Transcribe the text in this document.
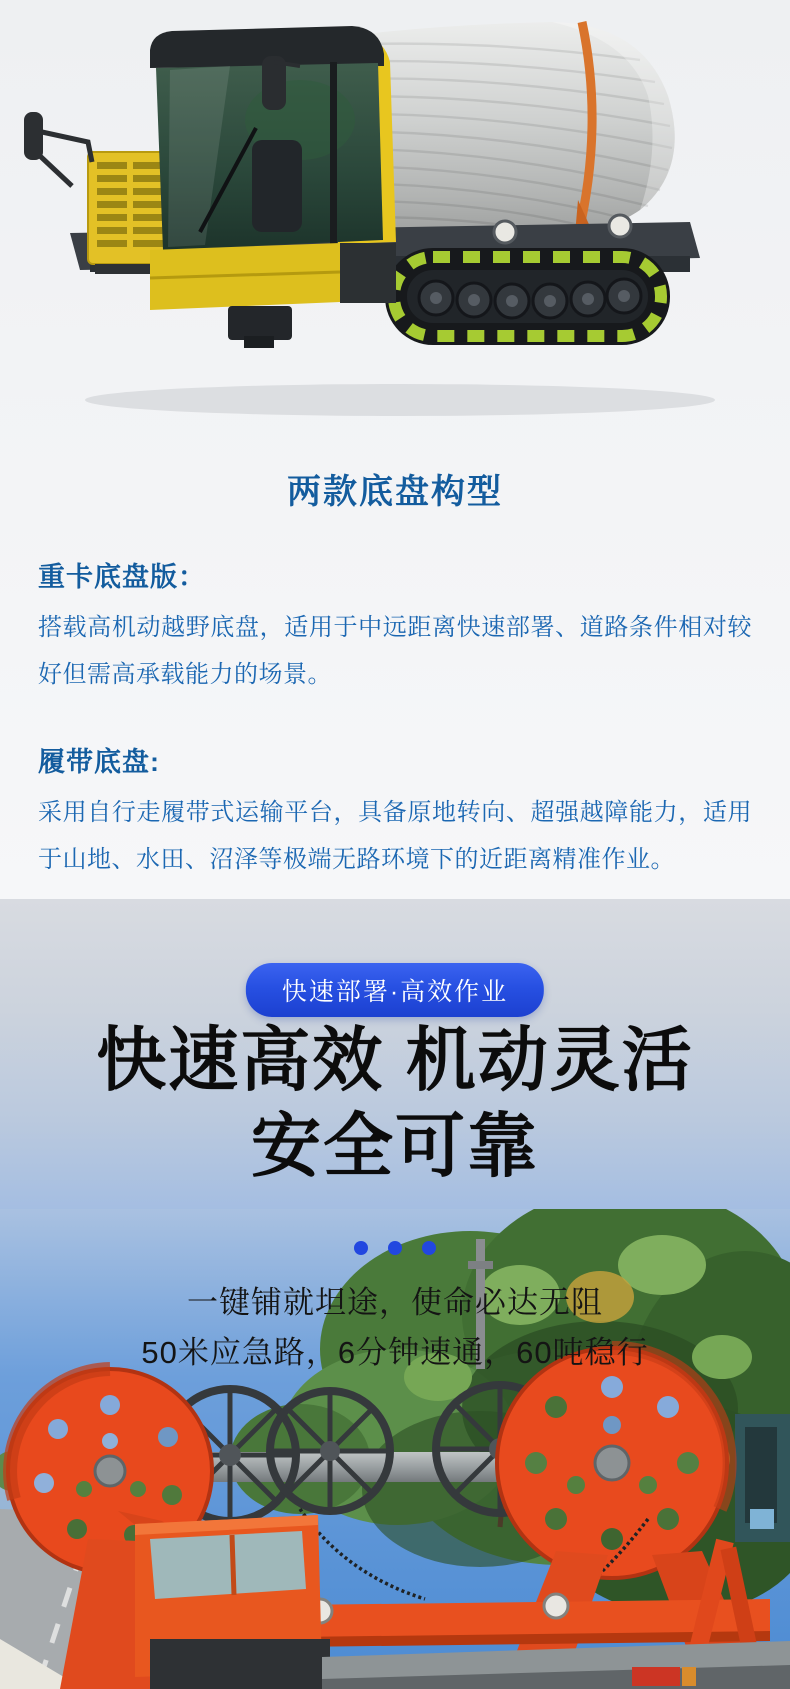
两款底盘构型

重卡底盘版：

搭载高机动越野底盘，适用于中远距离快速部署、道路条件相对较好但需高承载能力的场景。

履带底盘:

采用自行走履带式运输平台，具备原地转向、超强越障能力，适用于山地、水田、沼泽等极端无路环境下的近距离精准作业。

快速部署·高效作业
快速高效 机动灵活
安全可靠

一键铺就坦途，使命必达无阻
50米应急路，6分钟速通，60吨稳行
